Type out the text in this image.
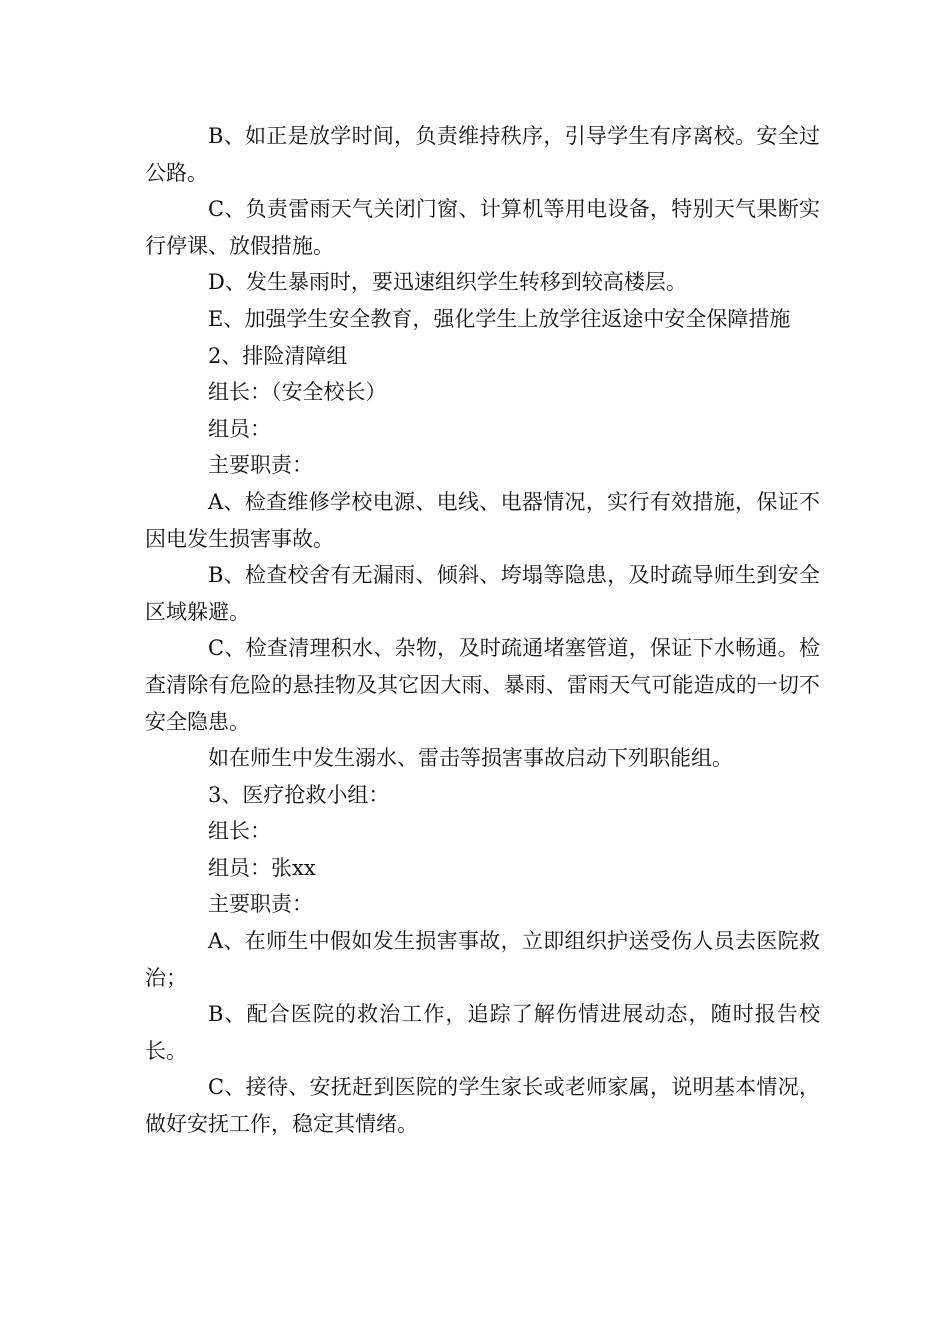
B、如正是放学时间，负责维持秩序，引导学生有序离校。安全过公路。

C、负责雷雨天气关闭门窗、计算机等用电设备，特别天气果断实行停课、放假措施。

D、发生暴雨时，要迅速组织学生转移到较高楼层。

E、加强学生安全教育，强化学生上放学往返途中安全保障措施

2、排险清障组

组长：（安全校长）

组员：

主要职责：

A、检查维修学校电源、电线、电器情况，实行有效措施，保证不因电发生损害事故。

B、检查校舍有无漏雨、倾斜、垮塌等隐患，及时疏导师生到安全区域躲避。

C、检查清理积水、杂物，及时疏通堵塞管道，保证下水畅通。检查清除有危险的悬挂物及其它因大雨、暴雨、雷雨天气可能造成的一切不安全隐患。

如在师生中发生溺水、雷击等损害事故启动下列职能组。

3、医疗抢救小组：

组长：

组员：张xx

主要职责：

A、在师生中假如发生损害事故，立即组织护送受伤人员去医院救治；

B、配合医院的救治工作，追踪了解伤情进展动态，随时报告校长。

C、接待、安抚赶到医院的学生家长或老师家属，说明基本情况，做好安抚工作，稳定其情绪。
